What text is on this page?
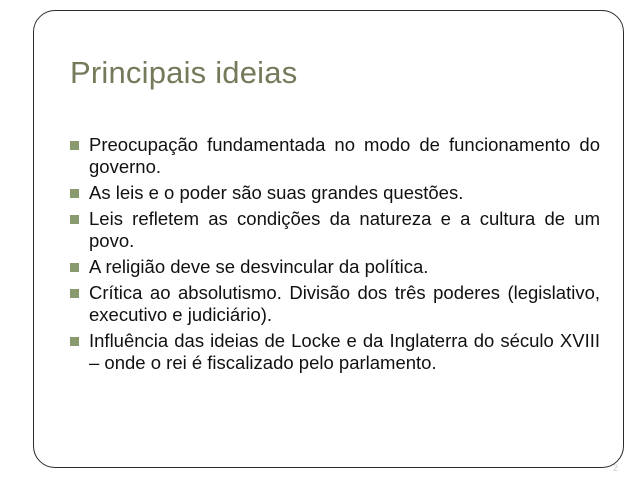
Principais ideias
Preocupação fundamentada no modo de funcionamento do governo.
As leis e o poder são suas grandes questões.
Leis refletem as condições da natureza e a cultura de um povo.
A religião deve se desvincular da política.
Crítica ao absolutismo. Divisão dos três poderes (legislativo, executivo e judiciário).
Influência das ideias de Locke e da Inglaterra do século XVIII – onde o rei é fiscalizado pelo parlamento.
2
